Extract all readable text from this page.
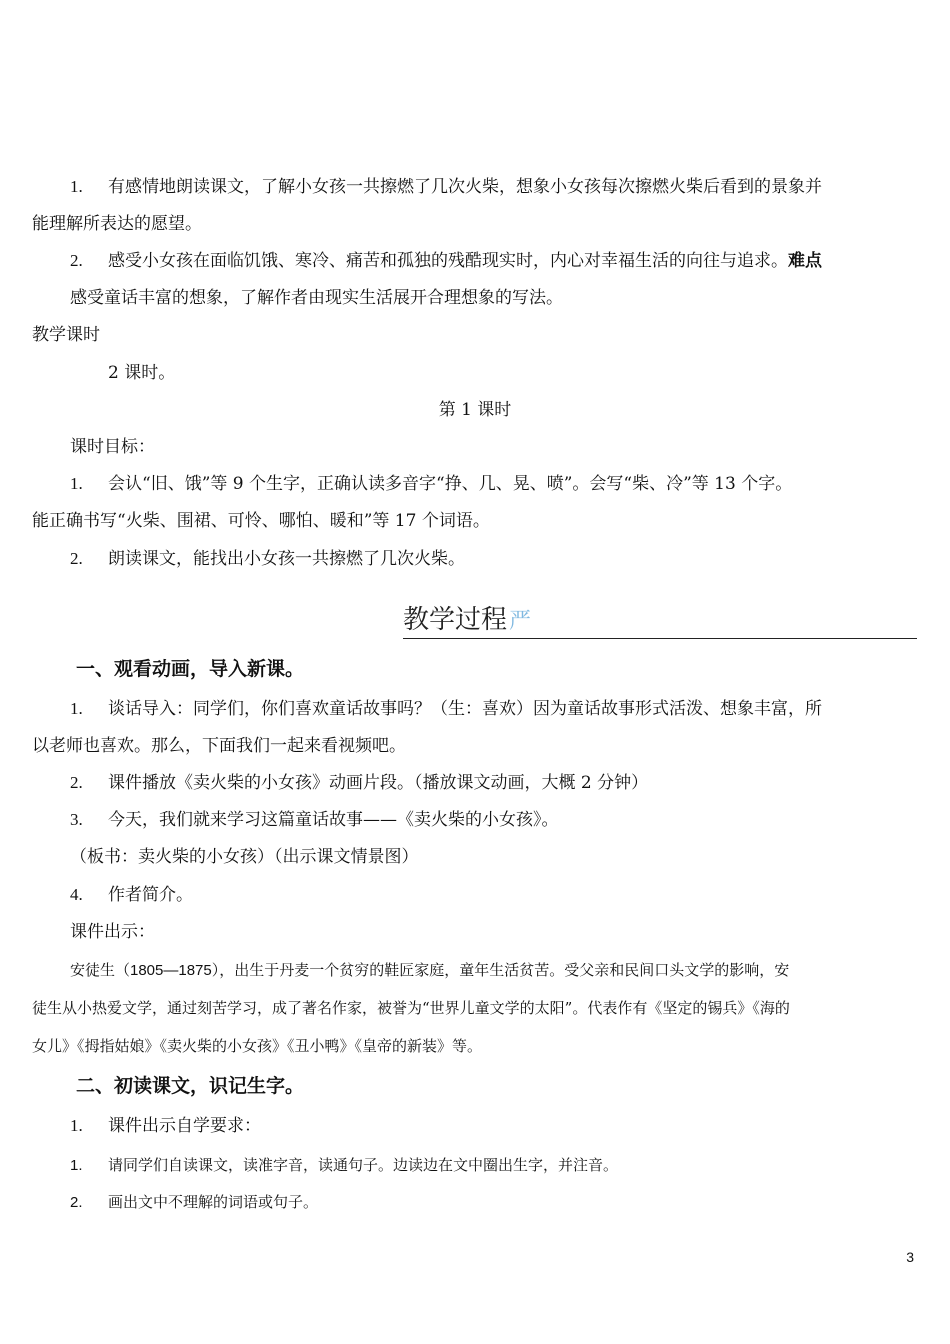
1. 有感情地朗读课文，了解小女孩一共擦燃了几次火柴，想象小女孩每次擦燃火柴后看到的景象并
能理解所表达的愿望。
2. 感受小女孩在面临饥饿、寒冷、痛苦和孤独的残酷现实时，内心对幸福生活的向往与追求。难点
感受童话丰富的想象，了解作者由现实生活展开合理想象的写法。
教学课时
2 课时。
第 1 课时
课时目标：
1. 会认“旧、饿”等 9 个生字，正确认读多音字“挣、几、晃、喷”。会写“柴、冷”等 13 个字。
能正确书写“火柴、围裙、可怜、哪怕、暖和”等 17 个词语。
2. 朗读课文，能找出小女孩一共擦燃了几次火柴。
教学过程严
一、观看动画，导入新课。
1. 谈话导入：同学们，你们喜欢童话故事吗？（生：喜欢）因为童话故事形式活泼、想象丰富，所
以老师也喜欢。那么，下面我们一起来看视频吧。
2. 课件播放《卖火柴的小女孩》动画片段。（播放课文动画，大概 2 分钟）
3. 今天，我们就来学习这篇童话故事——《卖火柴的小女孩》。
（板书：卖火柴的小女孩）（出示课文情景图）
4. 作者简介。
课件出示：
安徒生（1805—1875），出生于丹麦一个贫穷的鞋匠家庭，童年生活贫苦。受父亲和民间口头文学的影响，安
徒生从小热爱文学，通过刻苦学习，成了著名作家，被誉为“世界儿童文学的太阳”。代表作有《坚定的锡兵》《海的
女儿》《拇指姑娘》《卖火柴的小女孩》《丑小鸭》《皇帝的新装》等。
二、初读课文，识记生字。
1. 课件出示自学要求：
1. 请同学们自读课文，读准字音，读通句子。边读边在文中圈出生字，并注音。
2. 画出文中不理解的词语或句子。
3
